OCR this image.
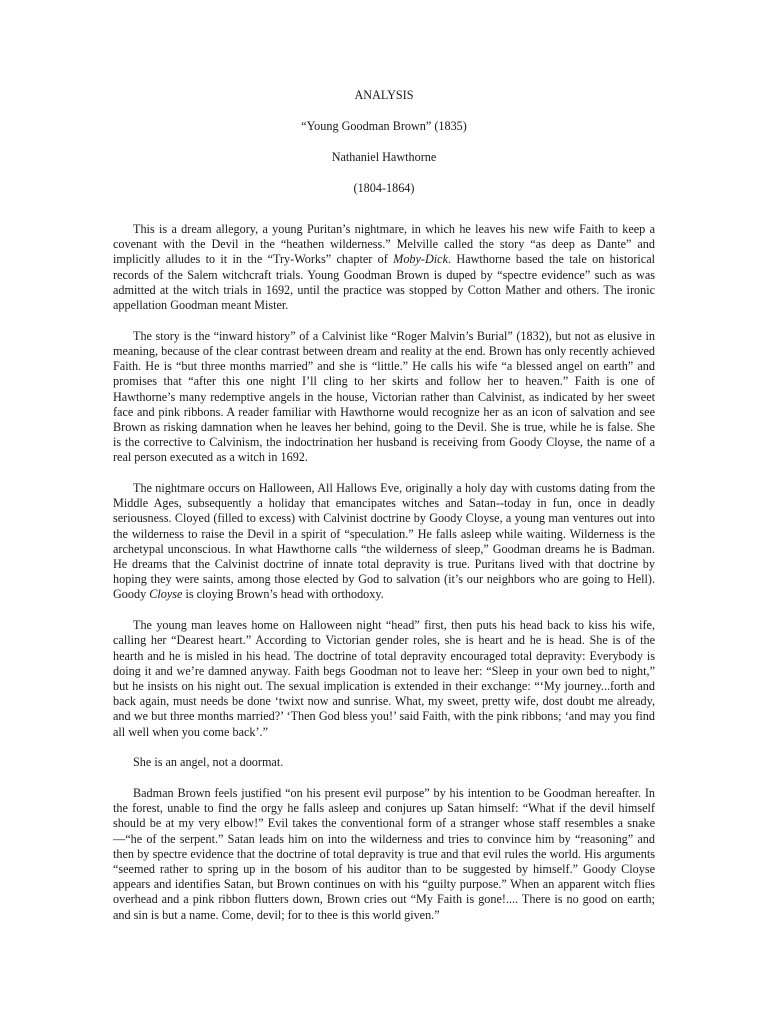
ANALYSIS

“Young Goodman Brown” (1835)

Nathaniel Hawthorne

(1804-1864)

This is a dream allegory, a young Puritan’s nightmare, in which he leaves his new wife Faith to keep a covenant with the Devil in the “heathen wilderness.” Melville called the story “as deep as Dante” and implicitly alludes to it in the “Try-Works” chapter of Moby-Dick. Hawthorne based the tale on historical records of the Salem witchcraft trials. Young Goodman Brown is duped by “spectre evidence” such as was admitted at the witch trials in 1692, until the practice was stopped by Cotton Mather and others. The ironic appellation Goodman meant Mister.

The story is the “inward history” of a Calvinist like “Roger Malvin’s Burial” (1832), but not as elusive in meaning, because of the clear contrast between dream and reality at the end. Brown has only recently achieved Faith. He is “but three months married” and she is “little.” He calls his wife “a blessed angel on earth” and promises that “after this one night I’ll cling to her skirts and follow her to heaven.” Faith is one of Hawthorne’s many redemptive angels in the house, Victorian rather than Calvinist, as indicated by her sweet face and pink ribbons. A reader familiar with Hawthorne would recognize her as an icon of salvation and see Brown as risking damnation when he leaves her behind, going to the Devil. She is true, while he is false. She is the corrective to Calvinism, the indoctrination her husband is receiving from Goody Cloyse, the name of a real person executed as a witch in 1692.

The nightmare occurs on Halloween, All Hallows Eve, originally a holy day with customs dating from the Middle Ages, subsequently a holiday that emancipates witches and Satan--today in fun, once in deadly seriousness. Cloyed (filled to excess) with Calvinist doctrine by Goody Cloyse, a young man ventures out into the wilderness to raise the Devil in a spirit of “speculation.” He falls asleep while waiting. Wilderness is the archetypal unconscious. In what Hawthorne calls “the wilderness of sleep,” Goodman dreams he is Badman. He dreams that the Calvinist doctrine of innate total depravity is true. Puritans lived with that doctrine by hoping they were saints, among those elected by God to salvation (it’s our neighbors who are going to Hell). Goody Cloyse is cloying Brown’s head with orthodoxy.

The young man leaves home on Halloween night “head” first, then puts his head back to kiss his wife, calling her “Dearest heart.” According to Victorian gender roles, she is heart and he is head. She is of the hearth and he is misled in his head. The doctrine of total depravity encouraged total depravity: Everybody is doing it and we’re damned anyway. Faith begs Goodman not to leave her: “Sleep in your own bed to night,” but he insists on his night out. The sexual implication is extended in their exchange: “‘My journey...forth and back again, must needs be done ‘twixt now and sunrise. What, my sweet, pretty wife, dost doubt me already, and we but three months married?’ ‘Then God bless you!’ said Faith, with the pink ribbons; ‘and may you find all well when you come back’.”

She is an angel, not a doormat.

Badman Brown feels justified “on his present evil purpose” by his intention to be Goodman hereafter. In the forest, unable to find the orgy he falls asleep and conjures up Satan himself: “What if the devil himself should be at my very elbow!” Evil takes the conventional form of a stranger whose staff resembles a snake—“he of the serpent.” Satan leads him on into the wilderness and tries to convince him by “reasoning” and then by spectre evidence that the doctrine of total depravity is true and that evil rules the world. His arguments “seemed rather to spring up in the bosom of his auditor than to be suggested by himself.” Goody Cloyse appears and identifies Satan, but Brown continues on with his “guilty purpose.” When an apparent witch flies overhead and a pink ribbon flutters down, Brown cries out “My Faith is gone!.... There is no good on earth; and sin is but a name. Come, devil; for to thee is this world given.”
